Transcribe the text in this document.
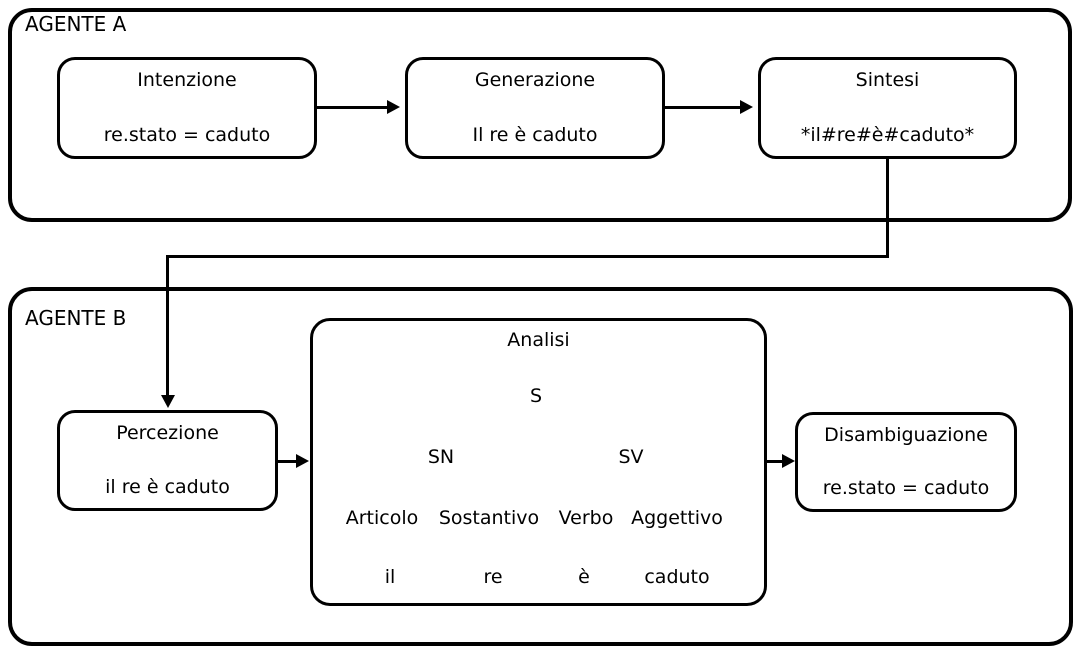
AGENTE A
Intenzione
re.stato = caduto
Generazione
Il re è caduto
Sintesi
*il#re#è#caduto*
AGENTE B
Percezione
il re è caduto
Analisi
S
SN	SV
Articolo Sostantivo Verbo Aggettivo
il	re	è	caduto
Disambiguazione
re.stato = caduto
